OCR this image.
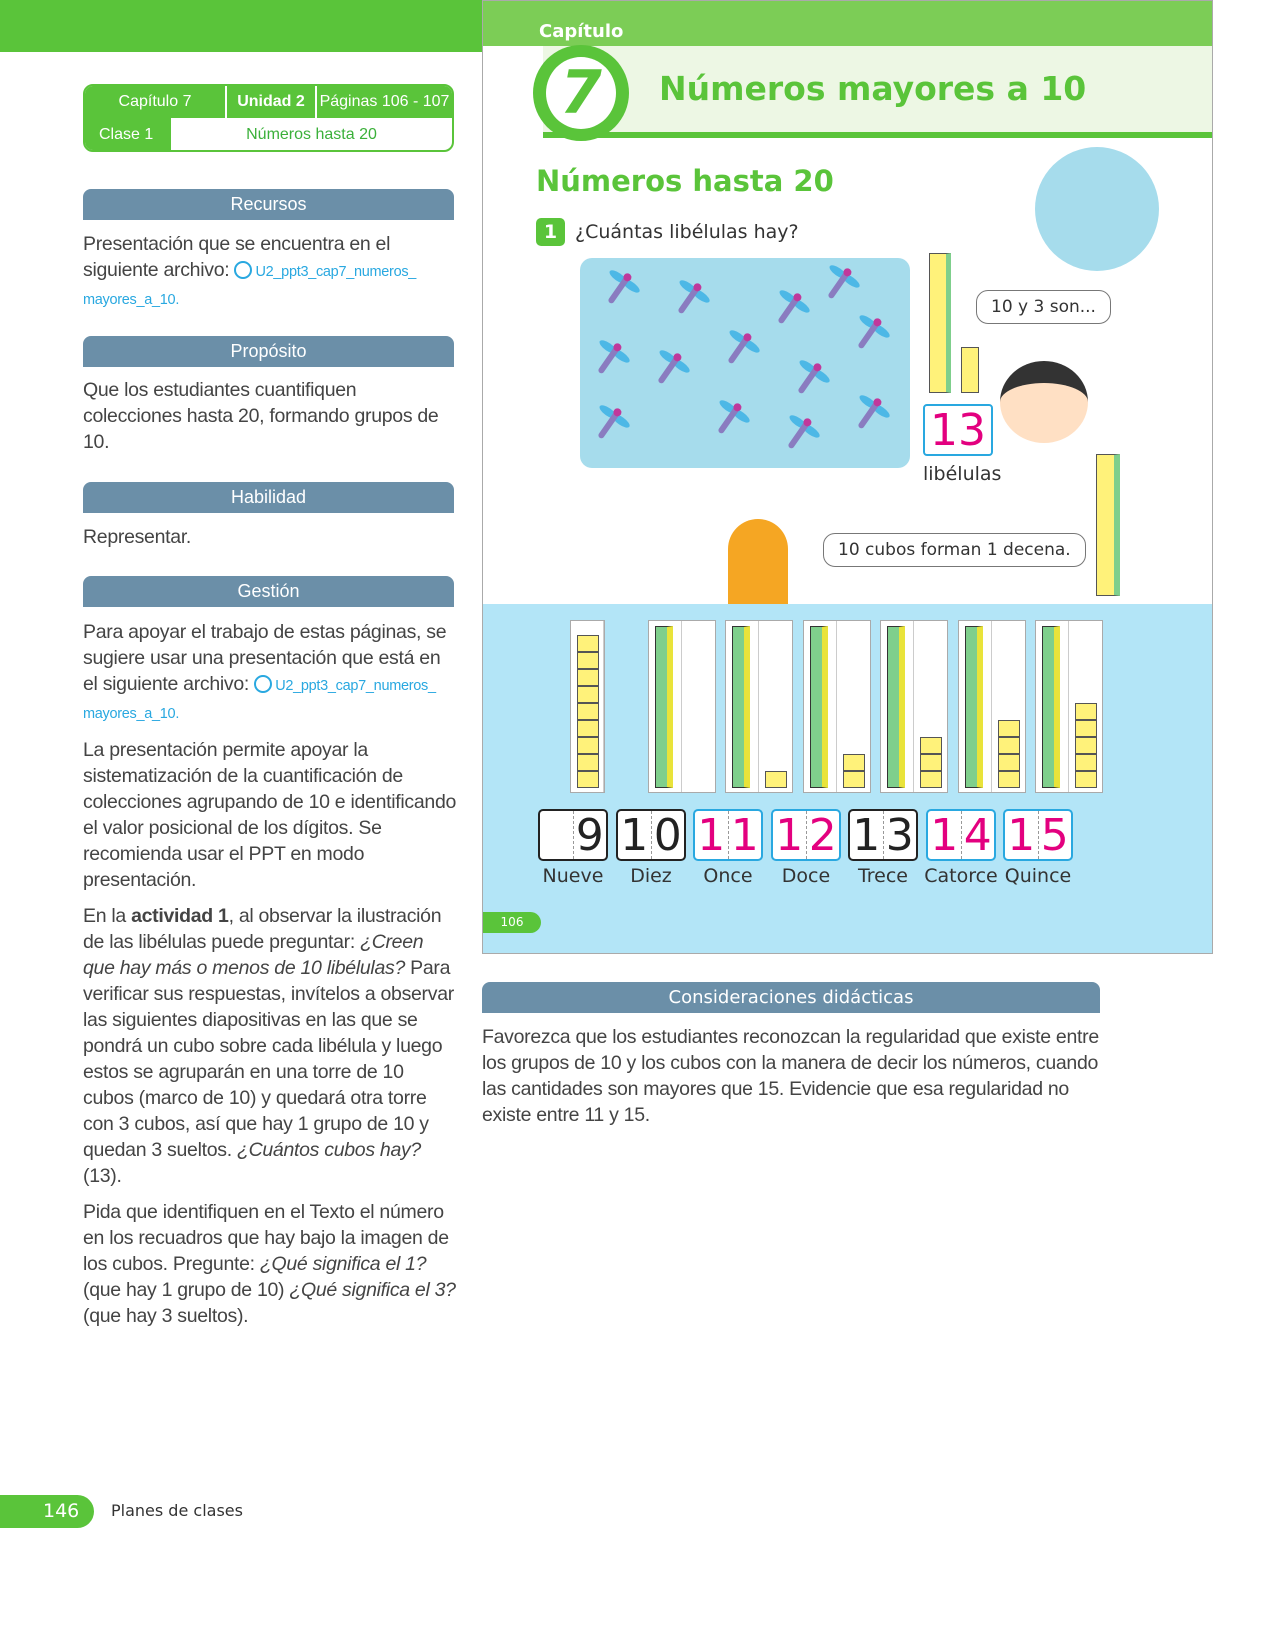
Capítulo 7	Unidad 2 Páginas 106 - 107
Clase 1	Números hasta 20
Recursos
Presentación que se encuentra en el siguiente archivo: U2_ppt3_cap7_numeros_ mayores_a_10.
Propósito
Que los estudiantes cuantifiquen colecciones hasta 20, formando grupos de 10.
Habilidad
Representar.
Gestión

Para apoyar el trabajo de estas páginas, se sugiere usar una presentación que está en el siguiente archivo: U2_ppt3_cap7_numeros_ mayores_a_10.

La presentación permite apoyar la sistematización de la cuantificación de colecciones agrupando de 10 e identificando el valor posicional de los dígitos. Se recomienda usar el PPT en modo presentación.

En la actividad 1, al observar la ilustración de las libélulas puede preguntar: ¿Creen que hay más o menos de 10 libélulas? Para verificar sus respuestas, invítelos a observar las siguientes diapositivas en las que se pondrá un cubo sobre cada libélula y luego estos se agruparán en una torre de 10 cubos (marco de 10) y quedará otra torre con 3 cubos, así que hay 1 grupo de 10 y quedan 3 sueltos. ¿Cuántos cubos hay? (13).

Pida que identifiquen en el Texto el número en los recuadros que hay bajo la imagen de los cubos. Pregunte: ¿Qué significa el 1? (que hay 1 grupo de 10) ¿Qué significa el 3? (que hay 3 sueltos).

Capítulo
7	Números mayores a 10
Números hasta 20
1 ¿Cuántas libélulas hay?
10 y 3 son...
13
libélulas
10 cubos forman 1 decena.
9
Nueve
1 0
Diez
1 1
Once
1 2
Doce
1 3
Trece
1 4
Catorce
1 5
Quince
106
Consideraciones didácticas
Favorezca que los estudiantes reconozcan la regularidad que existe entre los grupos de 10 y los cubos con la manera de decir los números, cuando las cantidades son mayores que 15. Evidencie que esa regularidad no existe entre 11 y 15.
146	Planes de clases
